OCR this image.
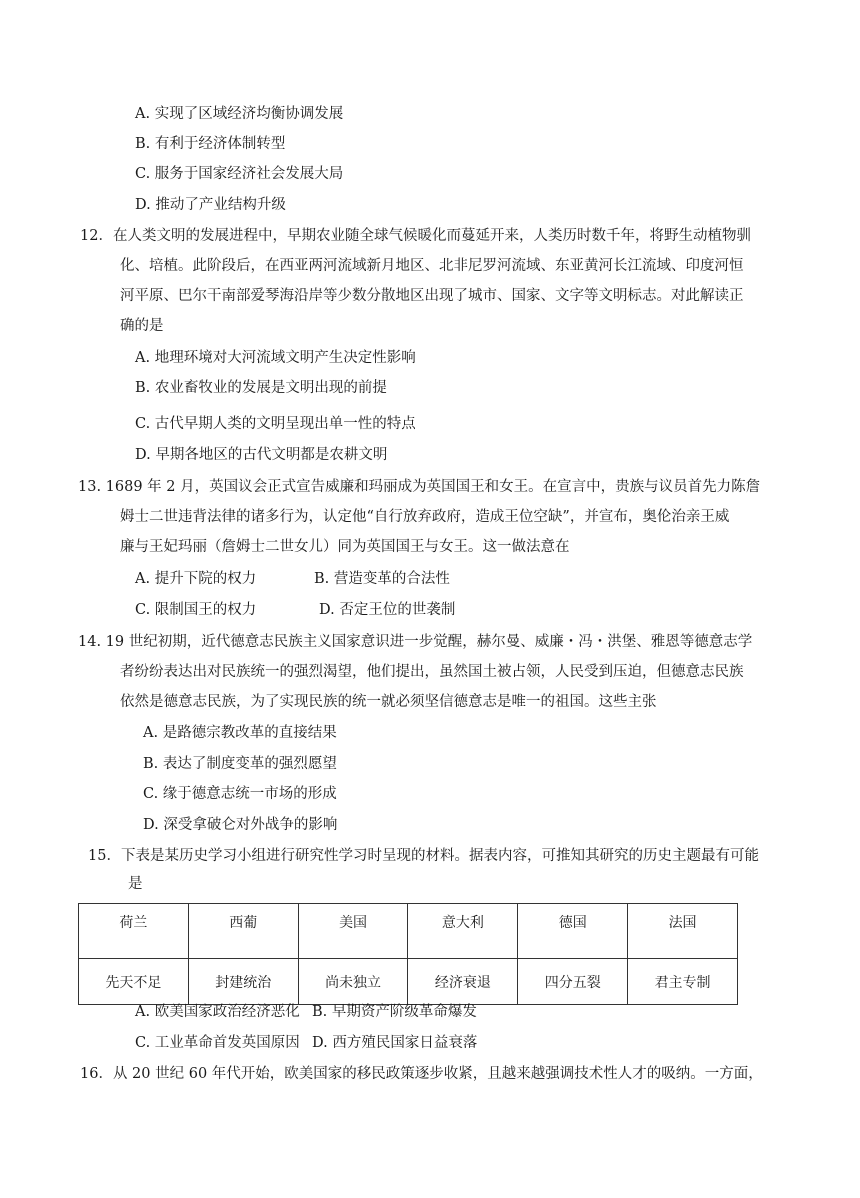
A. 实现了区域经济均衡协调发展
B. 有利于经济体制转型
C. 服务于国家经济社会发展大局
D. 推动了产业结构升级
12．在人类文明的发展进程中，早期农业随全球气候暖化而蔓延开来，人类历时数千年，将野生动植物驯
化、培植。此阶段后，在西亚两河流域新月地区、北非尼罗河流域、东亚黄河长江流域、印度河恒
河平原、巴尔干南部爱琴海沿岸等少数分散地区出现了城市、国家、文字等文明标志。对此解读正
确的是
A. 地理环境对大河流域文明产生决定性影响
B. 农业畜牧业的发展是文明出现的前提
C. 古代早期人类的文明呈现出单一性的特点
D. 早期各地区的古代文明都是农耕文明
13. 1689 年 2 月，英国议会正式宣告威廉和玛丽成为英国国王和女王。在宣言中，贵族与议员首先力陈詹
姆士二世违背法律的诸多行为，认定他“自行放弃政府，造成王位空缺”，并宣布，奥伦治亲王威
廉与王妃玛丽（詹姆士二世女儿）同为英国国王与女王。这一做法意在
A. 提升下院的权力	B. 营造变革的合法性
C. 限制国王的权力	D. 否定王位的世袭制
14. 19 世纪初期，近代德意志民族主义国家意识进一步觉醒，赫尔曼、威廉・冯・洪堡、雅恩等德意志学
者纷纷表达出对民族统一的强烈渴望，他们提出，虽然国土被占领，人民受到压迫，但德意志民族
依然是德意志民族，为了实现民族的统一就必须坚信德意志是唯一的祖国。这些主张
A. 是路德宗教改革的直接结果
B. 表达了制度变革的强烈愿望
C. 缘于德意志统一市场的形成
D. 深受拿破仑对外战争的影响
15．下表是某历史学习小组进行研究性学习时呈现的材料。据表内容，可推知其研究的历史主题最有可能
是
荷兰	西葡	美国	意大利	德国	法国
先天不足	封建统治	尚未独立	经济衰退	四分五裂	君主专制
A. 欧美国家政治经济恶化 B. 早期资产阶级革命爆发
C. 工业革命首发英国原因 D. 西方殖民国家日益衰落
16．从 20 世纪 60 年代开始，欧美国家的移民政策逐步收紧，且越来越强调技术性人才的吸纳。一方面，
